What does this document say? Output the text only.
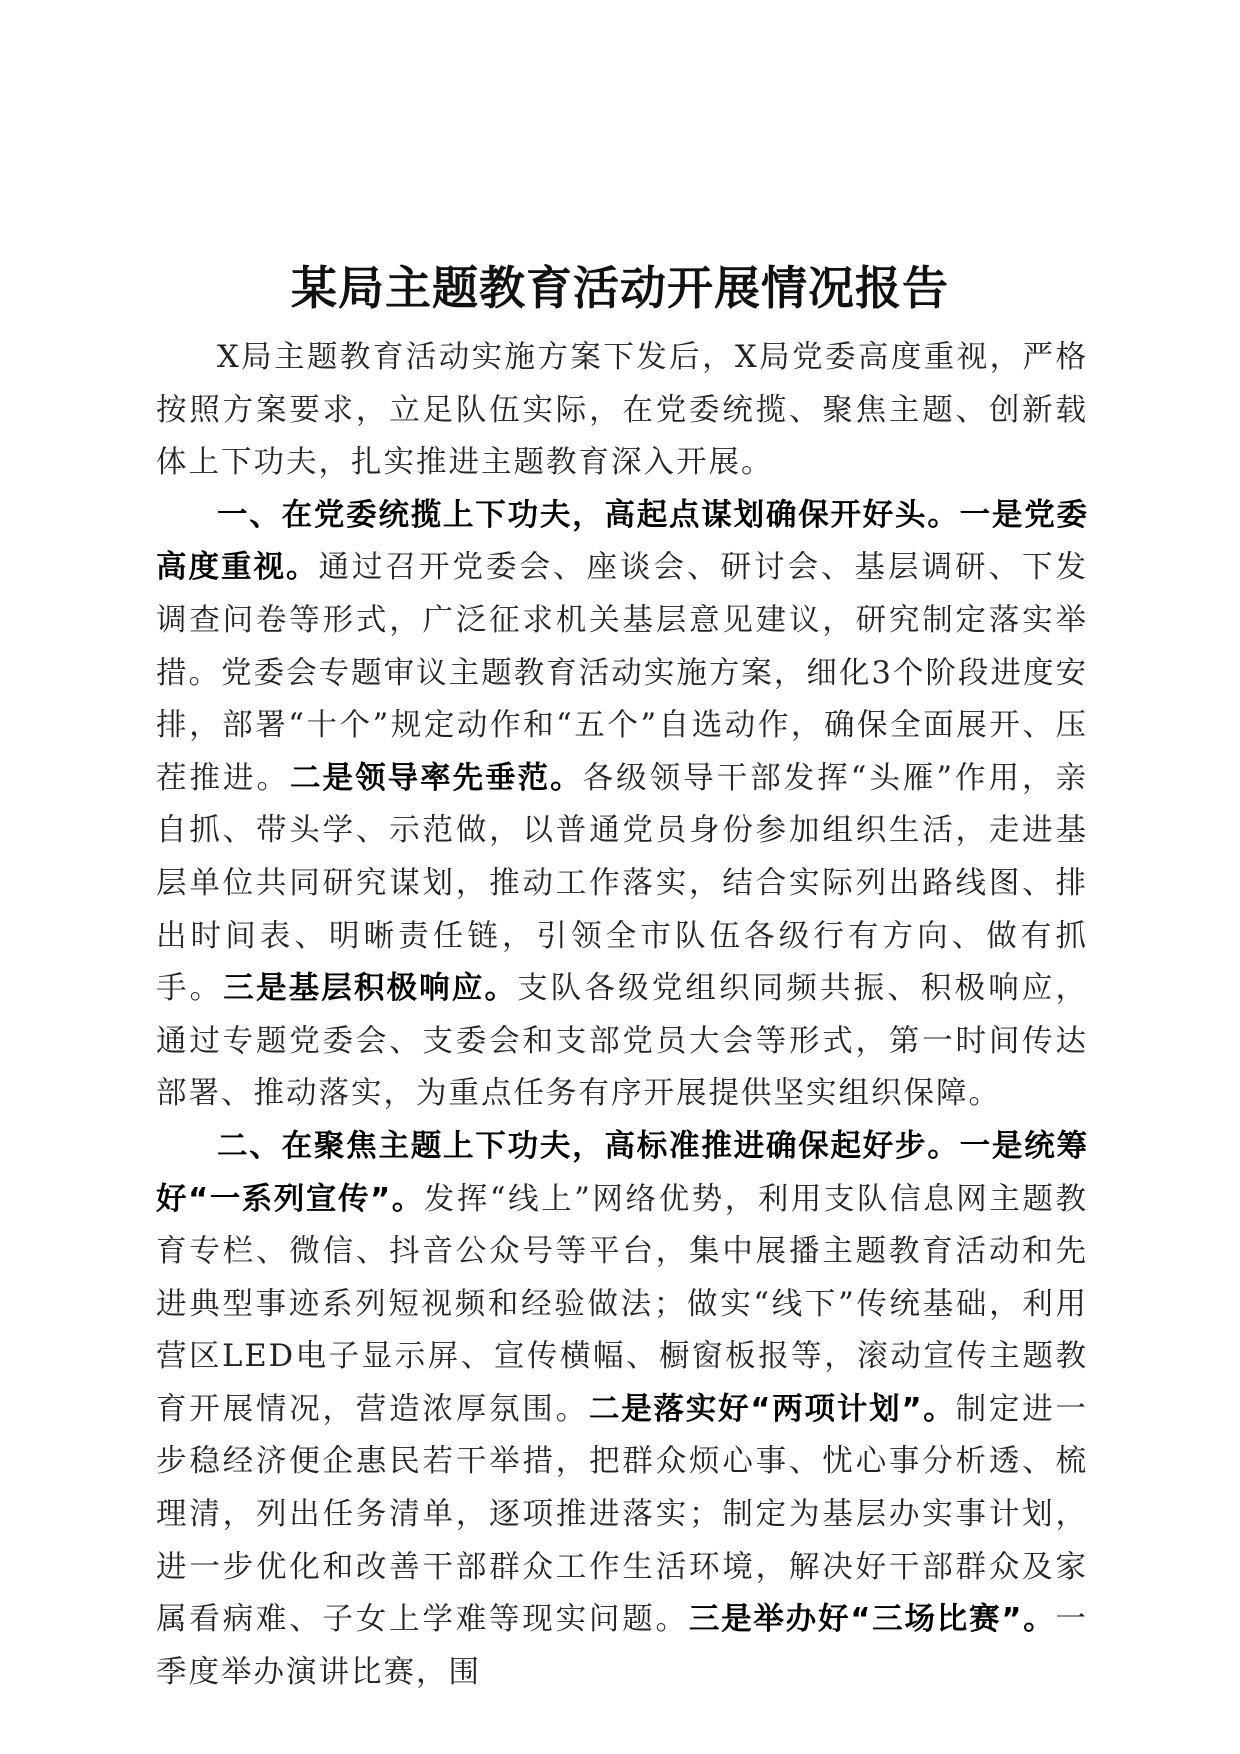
某局主题教育活动开展情况报告

X局主题教育活动实施方案下发后，X局党委高度重视，严格按照方案要求，立足队伍实际，在党委统揽、聚焦主题、创新载体上下功夫，扎实推进主题教育深入开展。

一、在党委统揽上下功夫，高起点谋划确保开好头。一是党委高度重视。通过召开党委会、座谈会、研讨会、基层调研、下发调查问卷等形式，广泛征求机关基层意见建议，研究制定落实举措。党委会专题审议主题教育活动实施方案，细化3个阶段进度安排，部署“十个”规定动作和“五个”自选动作，确保全面展开、压茬推进。二是领导率先垂范。各级领导干部发挥“头雁”作用，亲自抓、带头学、示范做，以普通党员身份参加组织生活，走进基层单位共同研究谋划，推动工作落实，结合实际列出路线图、排出时间表、明晰责任链，引领全市队伍各级行有方向、做有抓手。三是基层积极响应。支队各级党组织同频共振、积极响应，通过专题党委会、支委会和支部党员大会等形式，第一时间传达部署、推动落实，为重点任务有序开展提供坚实组织保障。

二、在聚焦主题上下功夫，高标准推进确保起好步。一是统筹好“一系列宣传”。发挥“线上”网络优势，利用支队信息网主题教育专栏、微信、抖音公众号等平台，集中展播主题教育活动和先进典型事迹系列短视频和经验做法；做实“线下”传统基础，利用营区LED电子显示屏、宣传横幅、橱窗板报等，滚动宣传主题教育开展情况，营造浓厚氛围。二是落实好“两项计划”。制定进一步稳经济便企惠民若干举措，把群众烦心事、忧心事分析透、梳理清，列出任务清单，逐项推进落实；制定为基层办实事计划，进一步优化和改善干部群众工作生活环境，解决好干部群众及家属看病难、子女上学难等现实问题。三是举办好“三场比赛”。一季度举办演讲比赛，围
